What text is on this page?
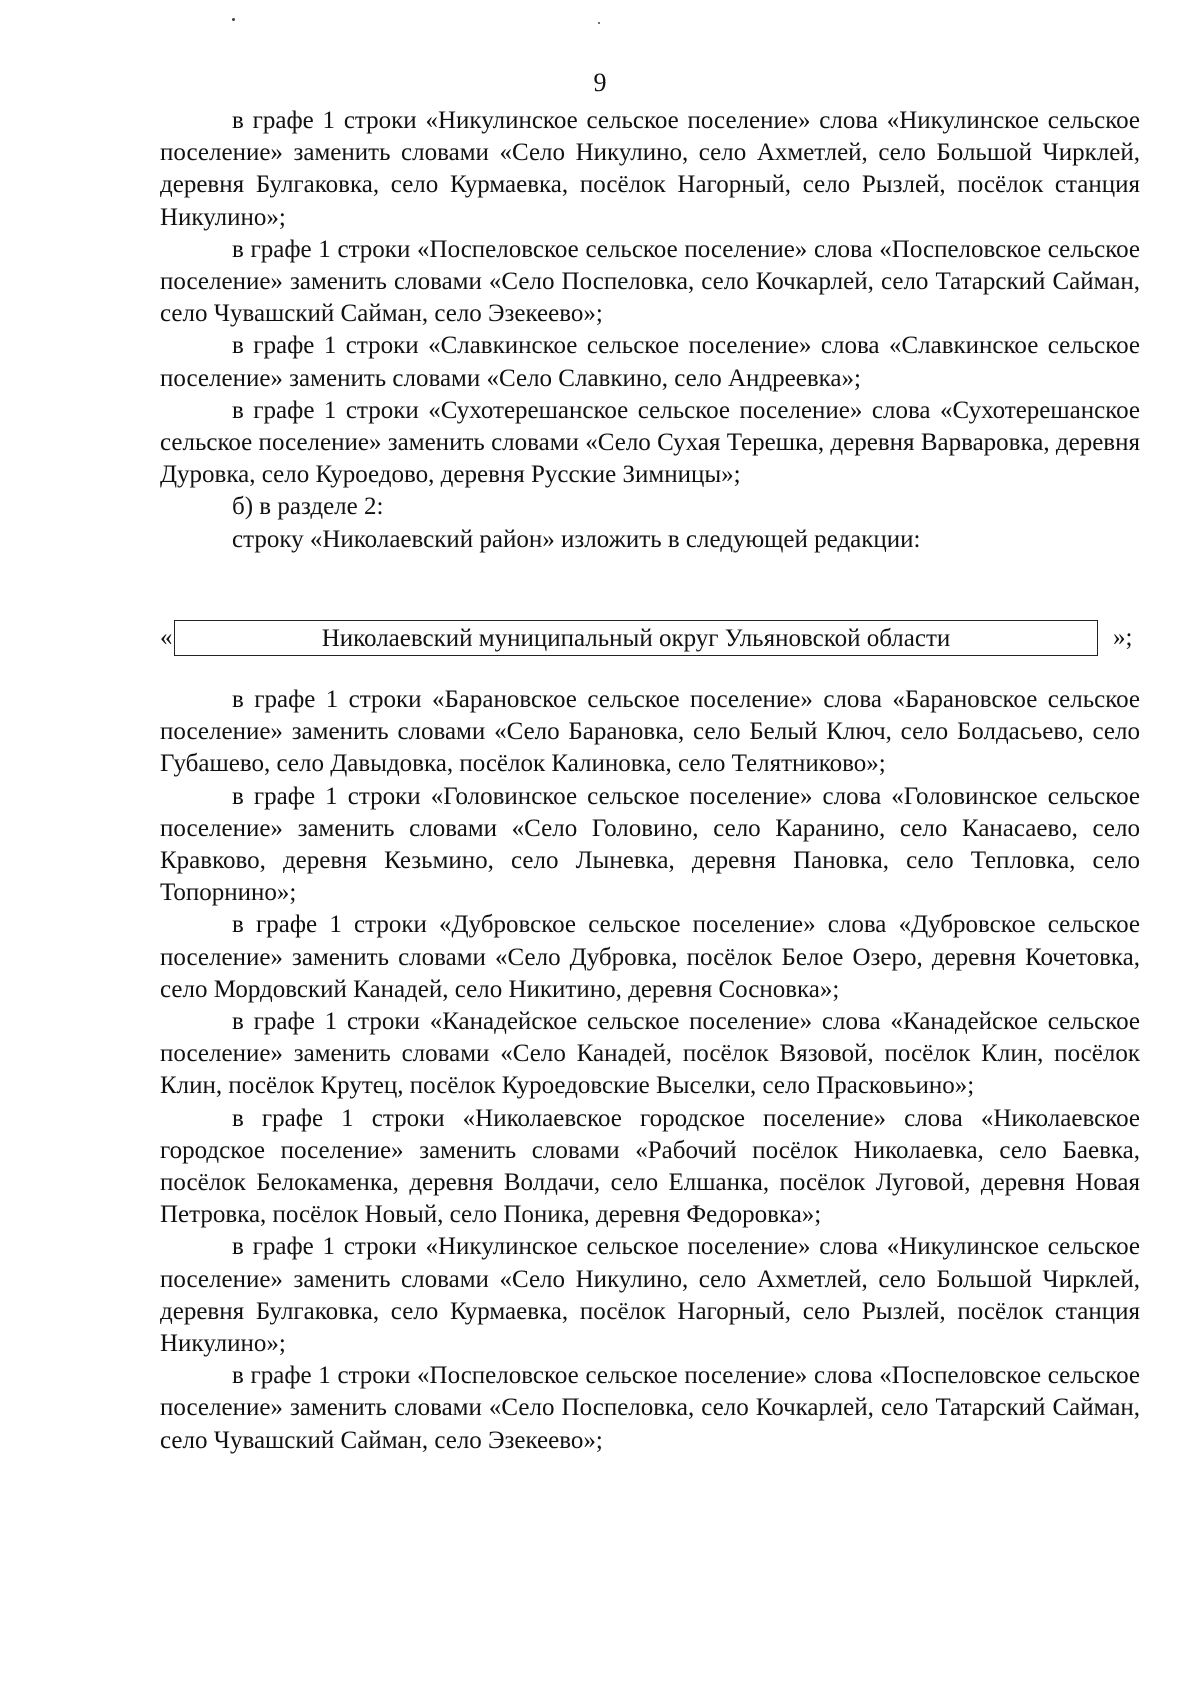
9

в графе 1 строки «Никулинское сельское поселение» слова «Никулинское сельское поселение» заменить словами «Село Никулино, село Ахметлей, село Большой Чирклей, деревня Булгаковка, село Курмаевка, посёлок Нагорный, село Рызлей, посёлок станция Никулино»;

в графе 1 строки «Поспеловское сельское поселение» слова «Поспеловское сельское поселение» заменить словами «Село Поспеловка, село Кочкарлей, село Татарский Сайман, село Чувашский Сайман, село Эзекеево»;

в графе 1 строки «Славкинское сельское поселение» слова «Славкинское сельское поселение» заменить словами «Село Славкино, село Андреевка»;

в графе 1 строки «Сухотерешанское сельское поселение» слова «Сухотерешанское сельское поселение» заменить словами «Село Сухая Терешка, деревня Варваровка, деревня Дуровка, село Куроедово, деревня Русские Зимницы»;

б) в разделе 2:

строку «Николаевский район» изложить в следующей редакции:

«	Николаевский муниципальный округ Ульяновской области	»;

в графе 1 строки «Барановское сельское поселение» слова «Барановское сельское поселение» заменить словами «Село Барановка, село Белый Ключ, село Болдасьево, село Губашево, село Давыдовка, посёлок Калиновка, село Телятниково»;

в графе 1 строки «Головинское сельское поселение» слова «Головинское сельское поселение» заменить словами «Село Головино, село Каранино, село Канасаево, село Кравково, деревня Кезьмино, село Лыневка, деревня Пановка, село Тепловка, село Топорнино»;

в графе 1 строки «Дубровское сельское поселение» слова «Дубровское сельское поселение» заменить словами «Село Дубровка, посёлок Белое Озеро, деревня Кочетовка, село Мордовский Канадей, село Никитино, деревня Сосновка»;

в графе 1 строки «Канадейское сельское поселение» слова «Канадейское сельское поселение» заменить словами «Село Канадей, посёлок Вязовой, посёлок Клин, посёлок Клин, посёлок Крутец, посёлок Куроедовские Выселки, село Прасковьино»;

в графе 1 строки «Николаевское городское поселение» слова «Николаевское городское поселение» заменить словами «Рабочий посёлок Николаевка, село Баевка, посёлок Белокаменка, деревня Волдачи, село Елшанка, посёлок Луговой, деревня Новая Петровка, посёлок Новый, село Поника, деревня Федоровка»;

в графе 1 строки «Никулинское сельское поселение» слова «Никулинское сельское поселение» заменить словами «Село Никулино, село Ахметлей, село Большой Чирклей, деревня Булгаковка, село Курмаевка, посёлок Нагорный, село Рызлей, посёлок станция Никулино»;

в графе 1 строки «Поспеловское сельское поселение» слова «Поспеловское сельское поселение» заменить словами «Село Поспеловка, село Кочкарлей, село Татарский Сайман, село Чувашский Сайман, село Эзекеево»;
